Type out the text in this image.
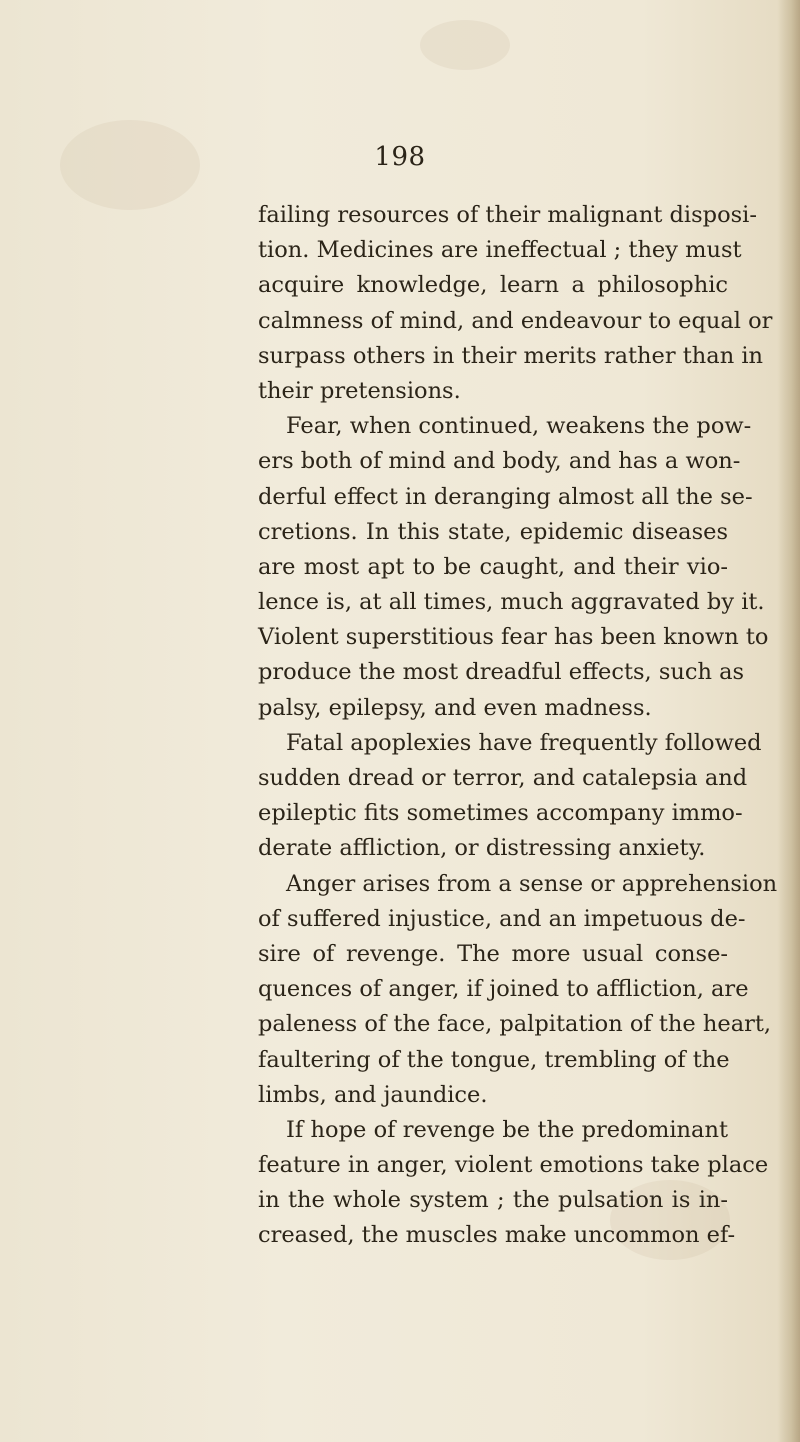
198
failing resources of their malignant disposi-
tion. Medicines are ineffectual ; they must
acquire knowledge, learn a philosophic
calmness of mind, and endeavour to equal or
surpass others in their merits rather than in
their pretensions.
Fear, when continued, weakens the pow-
ers both of mind and body, and has a won-
derful effect in deranging almost all the se-
cretions. In this state, epidemic diseases
are most apt to be caught, and their vio-
lence is, at all times, much aggravated by it.
Violent superstitious fear has been known to
produce the most dreadful effects, such as
palsy, epilepsy, and even madness.
Fatal apoplexies have frequently followed
sudden dread or terror, and catalepsia and
epileptic fits sometimes accompany immo-
derate affliction, or distressing anxiety.
Anger arises from a sense or apprehension
of suffered injustice, and an impetuous de-
sire of revenge. The more usual conse-
quences of anger, if joined to affliction, are
paleness of the face, palpitation of the heart,
faultering of the tongue, trembling of the
limbs, and jaundice.
If hope of revenge be the predominant
feature in anger, violent emotions take place
in the whole system ; the pulsation is in-
creased, the muscles make uncommon ef-
